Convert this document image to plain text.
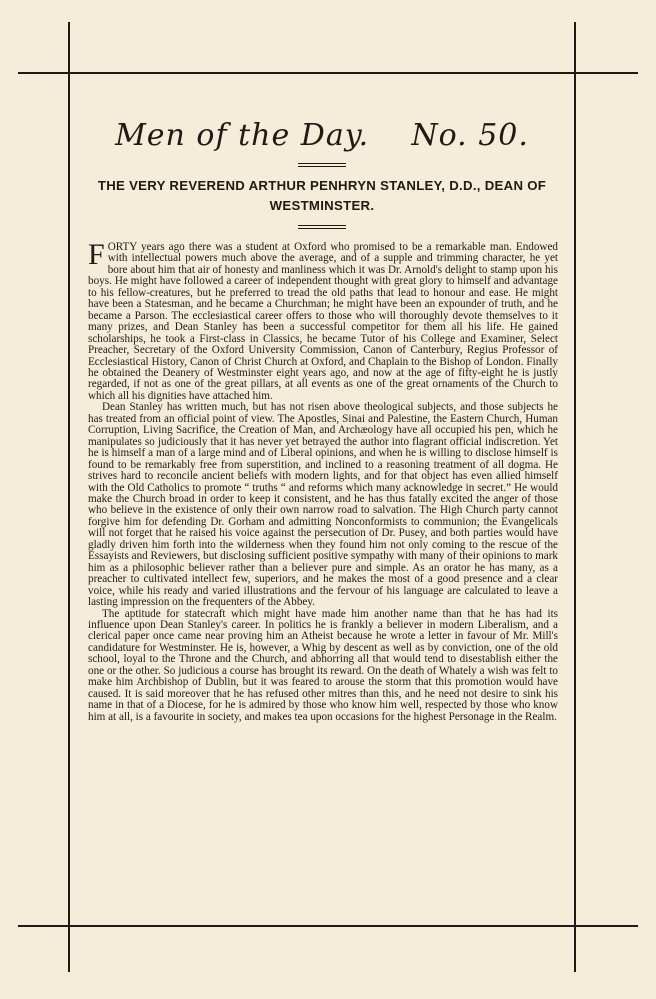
Men of the Day. No. 50.
THE VERY REVEREND ARTHUR PENHRYN STANLEY, D.D., DEAN OF WESTMINSTER.

FORTY years ago there was a student at Oxford who promised to be a remarkable man. Endowed with intellectual powers much above the average, and of a supple and trimming character, he yet bore about him that air of honesty and manliness which it was Dr. Arnold's delight to stamp upon his boys. He might have followed a career of independent thought with great glory to himself and advantage to his fellow-creatures, but he preferred to tread the old paths that lead to honour and ease. He might have been a Statesman, and he became a Churchman; he might have been an expounder of truth, and he became a Parson. The ecclesiastical career offers to those who will thoroughly devote themselves to it many prizes, and Dean Stanley has been a successful competitor for them all his life. He gained scholarships, he took a First-class in Classics, he became Tutor of his College and Examiner, Select Preacher, Secretary of the Oxford University Commission, Canon of Canterbury, Regius Professor of Ecclesiastical History, Canon of Christ Church at Oxford, and Chaplain to the Bishop of London. Finally he obtained the Deanery of Westminster eight years ago, and now at the age of fifty-eight he is justly regarded, if not as one of the great pillars, at all events as one of the great ornaments of the Church to which all his dignities have attached him.

Dean Stanley has written much, but has not risen above theological subjects, and those subjects he has treated from an official point of view. The Apostles, Sinai and Palestine, the Eastern Church, Human Corruption, Living Sacrifice, the Creation of Man, and Archæology have all occupied his pen, which he manipulates so judiciously that it has never yet betrayed the author into flagrant official indiscretion. Yet he is himself a man of a large mind and of Liberal opinions, and when he is willing to disclose himself is found to be remarkably free from superstition, and inclined to a reasoning treatment of all dogma. He strives hard to reconcile ancient beliefs with modern lights, and for that object has even allied himself with the Old Catholics to promote “ truths “ and reforms which many acknowledge in secret.” He would make the Church broad in order to keep it consistent, and he has thus fatally excited the anger of those who believe in the existence of only their own narrow road to salvation. The High Church party cannot forgive him for defending Dr. Gorham and admitting Nonconformists to communion; the Evangelicals will not forget that he raised his voice against the persecution of Dr. Pusey, and both parties would have gladly driven him forth into the wilderness when they found him not only coming to the rescue of the Essayists and Reviewers, but disclosing sufficient positive sympathy with many of their opinions to mark him as a philosophic believer rather than a believer pure and simple. As an orator he has many, as a preacher to cultivated intellect few, superiors, and he makes the most of a good presence and a clear voice, while his ready and varied illustrations and the fervour of his language are calculated to leave a lasting impression on the frequenters of the Abbey.

The aptitude for statecraft which might have made him another name than that he has had its influence upon Dean Stanley's career. In politics he is frankly a believer in modern Liberalism, and a clerical paper once came near proving him an Atheist because he wrote a letter in favour of Mr. Mill's candidature for Westminster. He is, however, a Whig by descent as well as by conviction, one of the old school, loyal to the Throne and the Church, and abhorring all that would tend to disestablish either the one or the other. So judicious a course has brought its reward. On the death of Whately a wish was felt to make him Archbishop of Dublin, but it was feared to arouse the storm that this promotion would have caused. It is said moreover that he has refused other mitres than this, and he need not desire to sink his name in that of a Diocese, for he is admired by those who know him well, respected by those who know him at all, is a favourite in society, and makes tea upon occasions for the highest Personage in the Realm.
